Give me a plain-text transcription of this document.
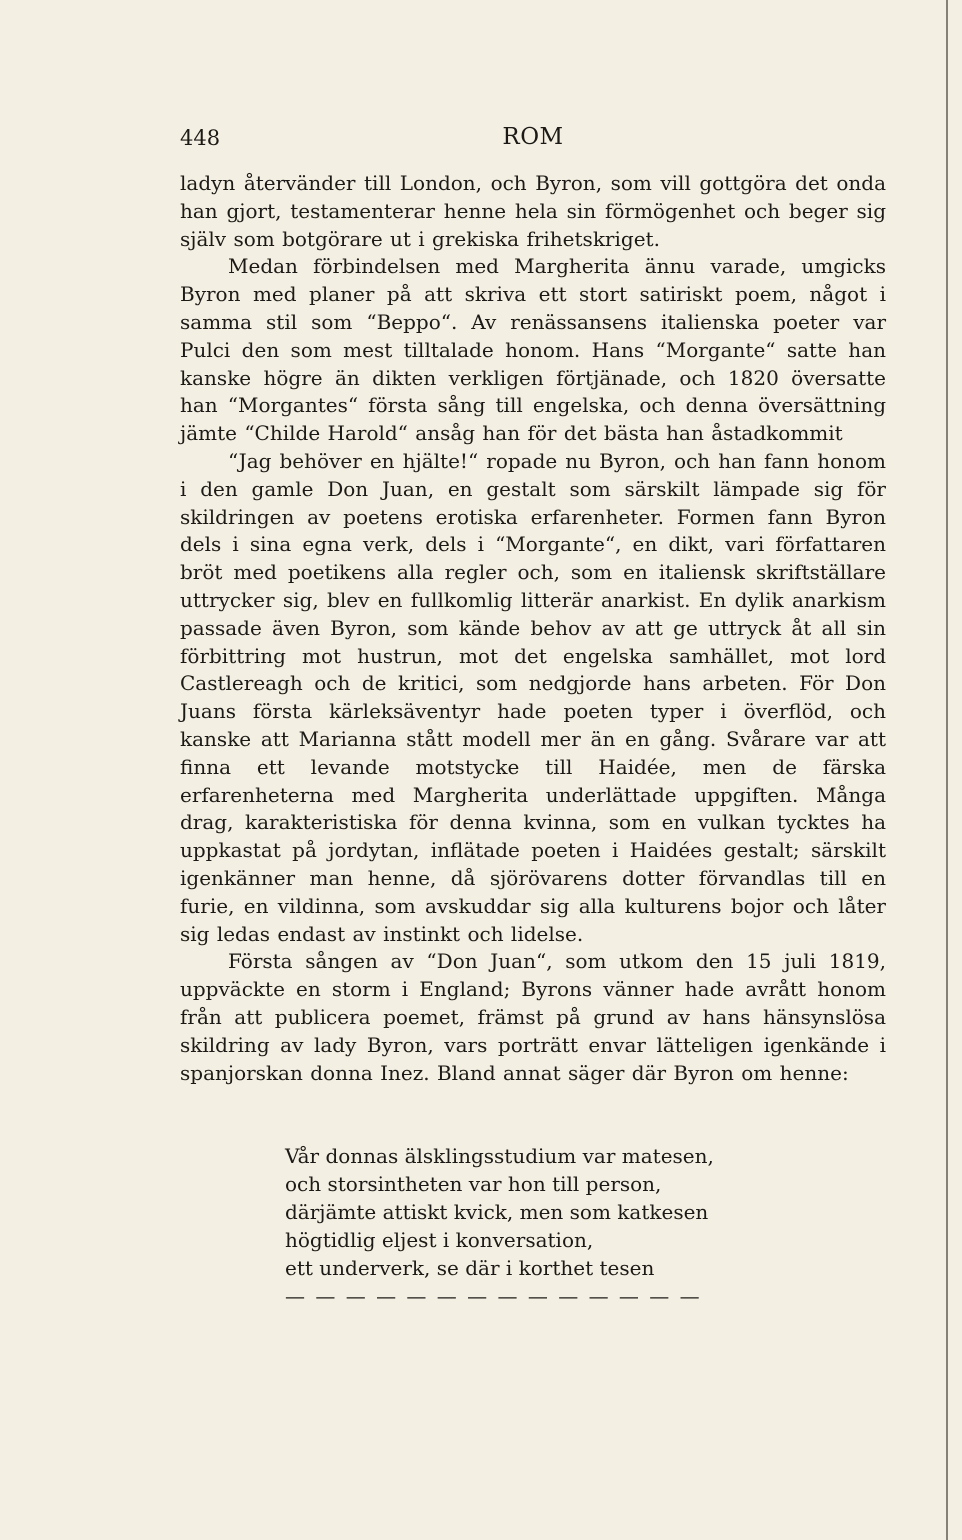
448	ROM

ladyn återvänder till London, och Byron, som vill gottgöra det onda han gjort, testamenterar henne hela sin förmögenhet och beger sig själv som botgörare ut i grekiska frihetskriget.

Medan förbindelsen med Margherita ännu varade, umgicks Byron med planer på att skriva ett stort satiriskt poem, något i samma stil som “Beppo“. Av renässansens italienska poeter var Pulci den som mest tilltalade honom. Hans “Morgante“ satte han kanske högre än dikten verkligen förtjänade, och 1820 översatte han “Morgantes“ första sång till engelska, och denna översättning jämte “Childe Harold“ ansåg han för det bästa han åstadkommit

“Jag behöver en hjälte!“ ropade nu Byron, och han fann honom i den gamle Don Juan, en gestalt som särskilt lämpade sig för skildringen av poetens erotiska erfarenheter. Formen fann Byron dels i sina egna verk, dels i “Morgante“, en dikt, vari författaren bröt med poetikens alla regler och, som en italiensk skriftställare uttrycker sig, blev en fullkomlig litterär anarkist. En dylik anarkism passade även Byron, som kände behov av att ge uttryck åt all sin förbittring mot hustrun, mot det engelska samhället, mot lord Castlereagh och de kritici, som nedgjorde hans arbeten. För Don Juans första kärleksäventyr hade poeten typer i överflöd, och kanske att Marianna stått modell mer än en gång. Svårare var att finna ett levande motstycke till Haidée, men de färska erfarenheterna med Margherita underlättade uppgiften. Många drag, karakteristiska för denna kvinna, som en vulkan tycktes ha uppkastat på jordytan, inflätade poeten i Haidées gestalt; särskilt igenkänner man henne, då sjörövarens dotter förvandlas till en furie, en vildinna, som avskuddar sig alla kulturens bojor och låter sig ledas endast av instinkt och lidelse.

Första sången av “Don Juan“, som utkom den 15 juli 1819, uppväckte en storm i England; Byrons vänner hade avrått honom från att publicera poemet, främst på grund av hans hänsynslösa skildring av lady Byron, vars porträtt envar lätteligen igenkände i spanjorskan donna Inez. Bland annat säger där Byron om henne:

Vår donnas älsklingsstudium var matesen,
och storsintheten var hon till person,
därjämte attiskt kvick, men som katkesen
högtidlig eljest i konversation,
ett underverk, se där i korthet tesen
— — — — — — — — — — — — — —
